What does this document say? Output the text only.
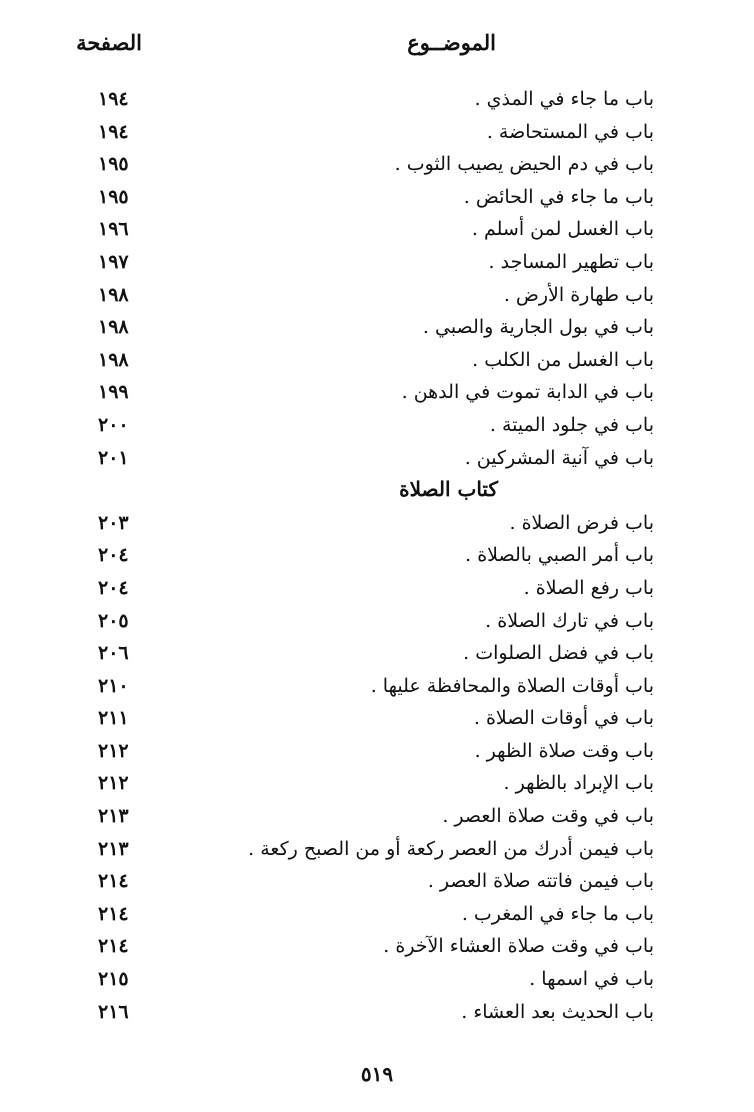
الموضــوع
الصفحة
باب ما جاء في المذي .
١٩٤
باب في المستحاضة .
١٩٤
باب في دم الحيض يصيب الثوب .
١٩٥
باب ما جاء في الحائض .
١٩٥
باب الغسل لمن أسلم .
١٩٦
باب تطهير المساجد .
١٩٧
باب طهارة الأرض .
١٩٨
باب في بول الجارية والصبي .
١٩٨
باب الغسل من الكلب .
١٩٨
باب في الدابة تموت في الدهن .
١٩٩
باب في جلود الميتة .
٢٠٠
باب في آنية المشركين .
٢٠١
كتاب الصلاة
باب فرض الصلاة .
٢٠٣
باب أمر الصبي بالصلاة .
٢٠٤
باب رفع الصلاة .
٢٠٤
باب في تارك الصلاة .
٢٠٥
باب في فضل الصلوات .
٢٠٦
باب أوقات الصلاة والمحافظة عليها .
٢١٠
باب في أوقات الصلاة .
٢١١
باب وقت صلاة الظهر .
٢١٢
باب الإبراد بالظهر .
٢١٢
باب في وقت صلاة العصر .
٢١٣
باب فيمن أدرك من العصر ركعة أو من الصبح ركعة .
٢١٣
باب فيمن فاتته صلاة العصر .
٢١٤
باب ما جاء في المغرب .
٢١٤
باب في وقت صلاة العشاء الآخرة .
٢١٤
باب في اسمها .
٢١٥
باب الحديث بعد العشاء .
٢١٦
٥١٩
